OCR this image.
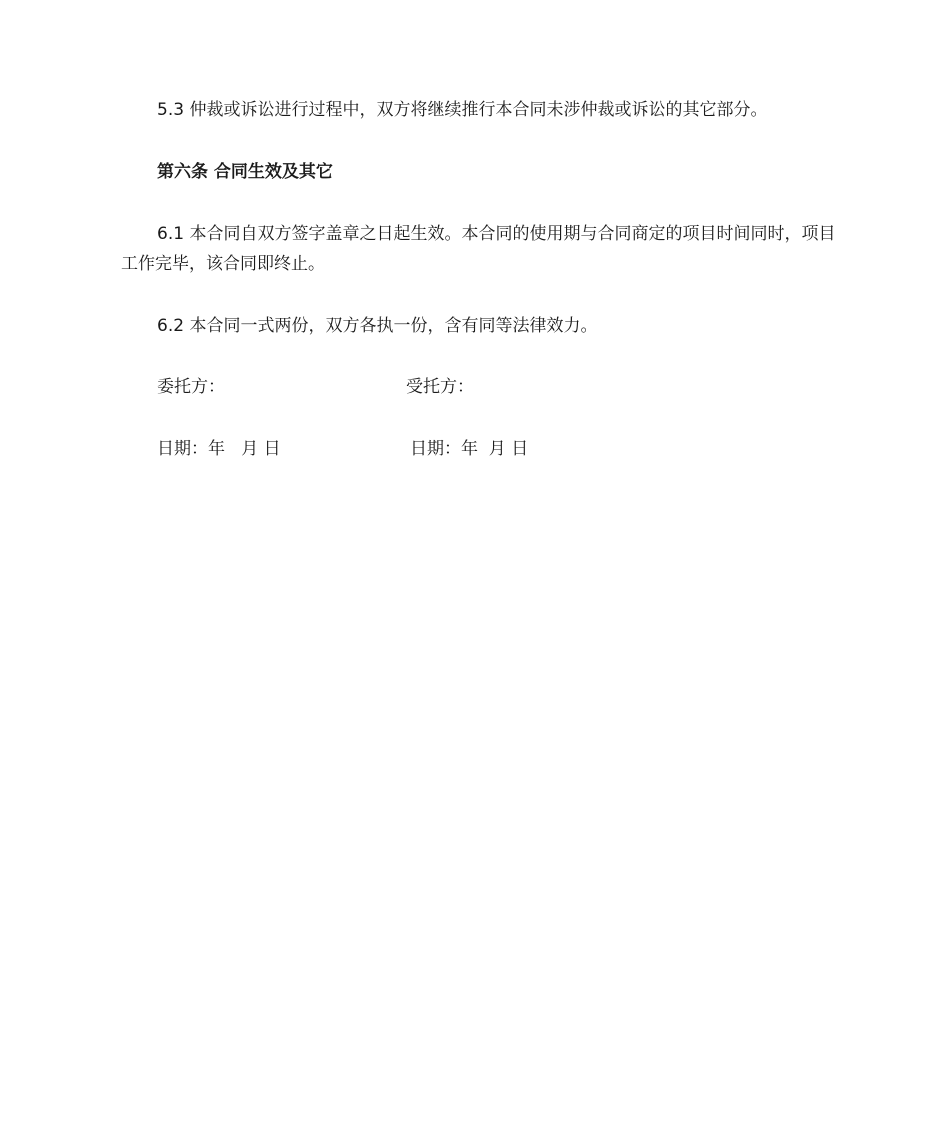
5.3 仲裁或诉讼进行过程中，双方将继续推行本合同未涉仲裁或诉讼的其它部分。

第六条 合同生效及其它

6.1 本合同自双方签字盖章之日起生效。本合同的使用期与合同商定的项目时间同时，项目工作完毕，该合同即终止。

6.2 本合同一式两份，双方各执一份，含有同等法律效力。

委托方：	受托方：
日期：年   月 日	日期：年  月 日
